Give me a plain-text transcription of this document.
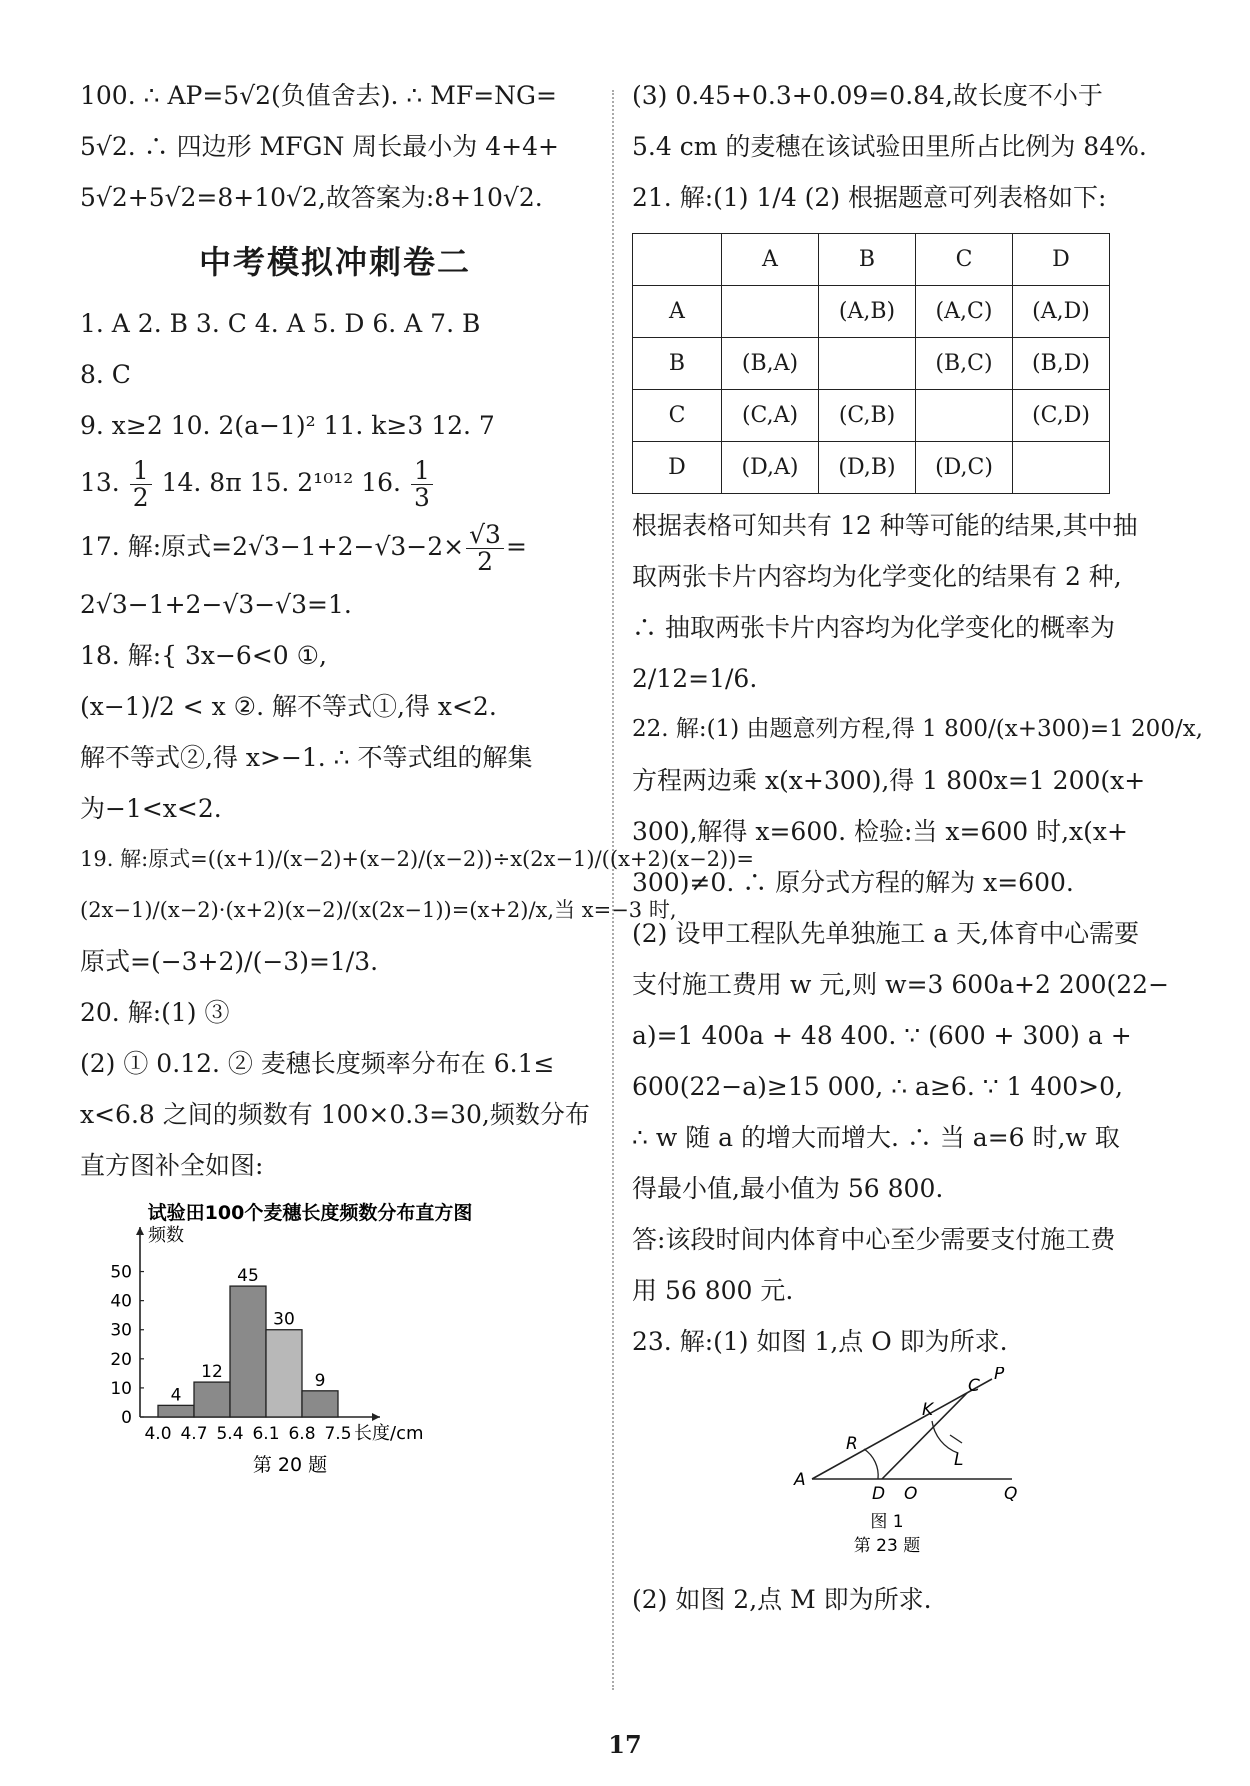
100. ∴ AP=5√2(负值舍去). ∴ MF=NG=
5√2. ∴ 四边形 MFGN 周长最小为 4+4+
5√2+5√2=8+10√2,故答案为:8+10√2.
中考模拟冲刺卷二
1. A 2. B 3. C 4. A 5. D 6. A 7. B
8. C
9. x≥2 10. 2(a−1)² 11. k≥3 12. 7
13. $\frac{1}{2} 14$. 8π 15. 2¹⁰¹² 16. $\frac{1}{3}$
17. 解:原式$=2√3-1+2-√3-2\times \frac{√3}{2}$ =
2√3−1+2−√3−√3=1.
18. 解:{ 3x−6<0 ①,
(x−1)/2 < x ②. 解不等式①,得 x<2.
解不等式②,得 x>−1. ∴ 不等式组的解集
为−1<x<2.
19. 解:原式=((x+1)/(x−2)+(x−2)/(x−2))÷x(2x−1)/((x+2)(x−2))=
(2x−1)/(x−2)·(x+2)(x−2)/(x(2x−1))=(x+2)/x,当 x=−3 时,
原式=(−3+2)/(−3)=1/3.
20. 解:(1) ③
(2) ① 0.12. ② 麦穗长度频率分布在 6.1≤
x<6.8 之间的频数有 100×0.3=30,频数分布
直方图补全如图:
试验田100个麦穗长度频数分布直方图
频数
长度/cm
0
10
20
30
40
50
4.0 4.7 5.4 6.1 6.8 7.5
4
12
45
30
9
第 20 题
(3) 0.45+0.3+0.09=0.84,故长度不小于
5.4 cm 的麦穗在该试验田里所占比例为 84%.
21. 解:(1) 1/4 (2) 根据题意可列表格如下:
	A	B	C	D
A		(A,B)	(A,C)	(A,D)
B	(B,A)		(B,C)	(B,D)
C	(C,A)	(C,B)		(C,D)
D	(D,A)	(D,B)	(D,C)	
根据表格可知共有 12 种等可能的结果,其中抽
取两张卡片内容均为化学变化的结果有 2 种,
∴ 抽取两张卡片内容均为化学变化的概率为
2/12=1/6.
22. 解:(1) 由题意列方程,得 1 800/(x+300)=1 200/x,
方程两边乘 x(x+300),得 1 800x=1 200(x+
300),解得 x=600. 检验:当 x=600 时,x(x+
300)≠0. ∴ 原分式方程的解为 x=600.
(2) 设甲工程队先单独施工 a 天,体育中心需要
支付施工费用 w 元,则 w=3 600a+2 200(22−
a)=1 400a + 48 400. ∵ (600 + 300) a +
600(22−a)≥15 000, ∴ a≥6. ∵ 1 400>0,
∴ w 随 a 的增大而增大. ∴ 当 a=6 时,w 取
得最小值,最小值为 56 800.
答:该段时间内体育中心至少需要支付施工费
用 56 800 元.
23. 解:(1) 如图 1,点 O 即为所求.
P
C
K
R
L
A
D O	Q
图 1
第 23 题
(2) 如图 2,点 M 即为所求.
17
